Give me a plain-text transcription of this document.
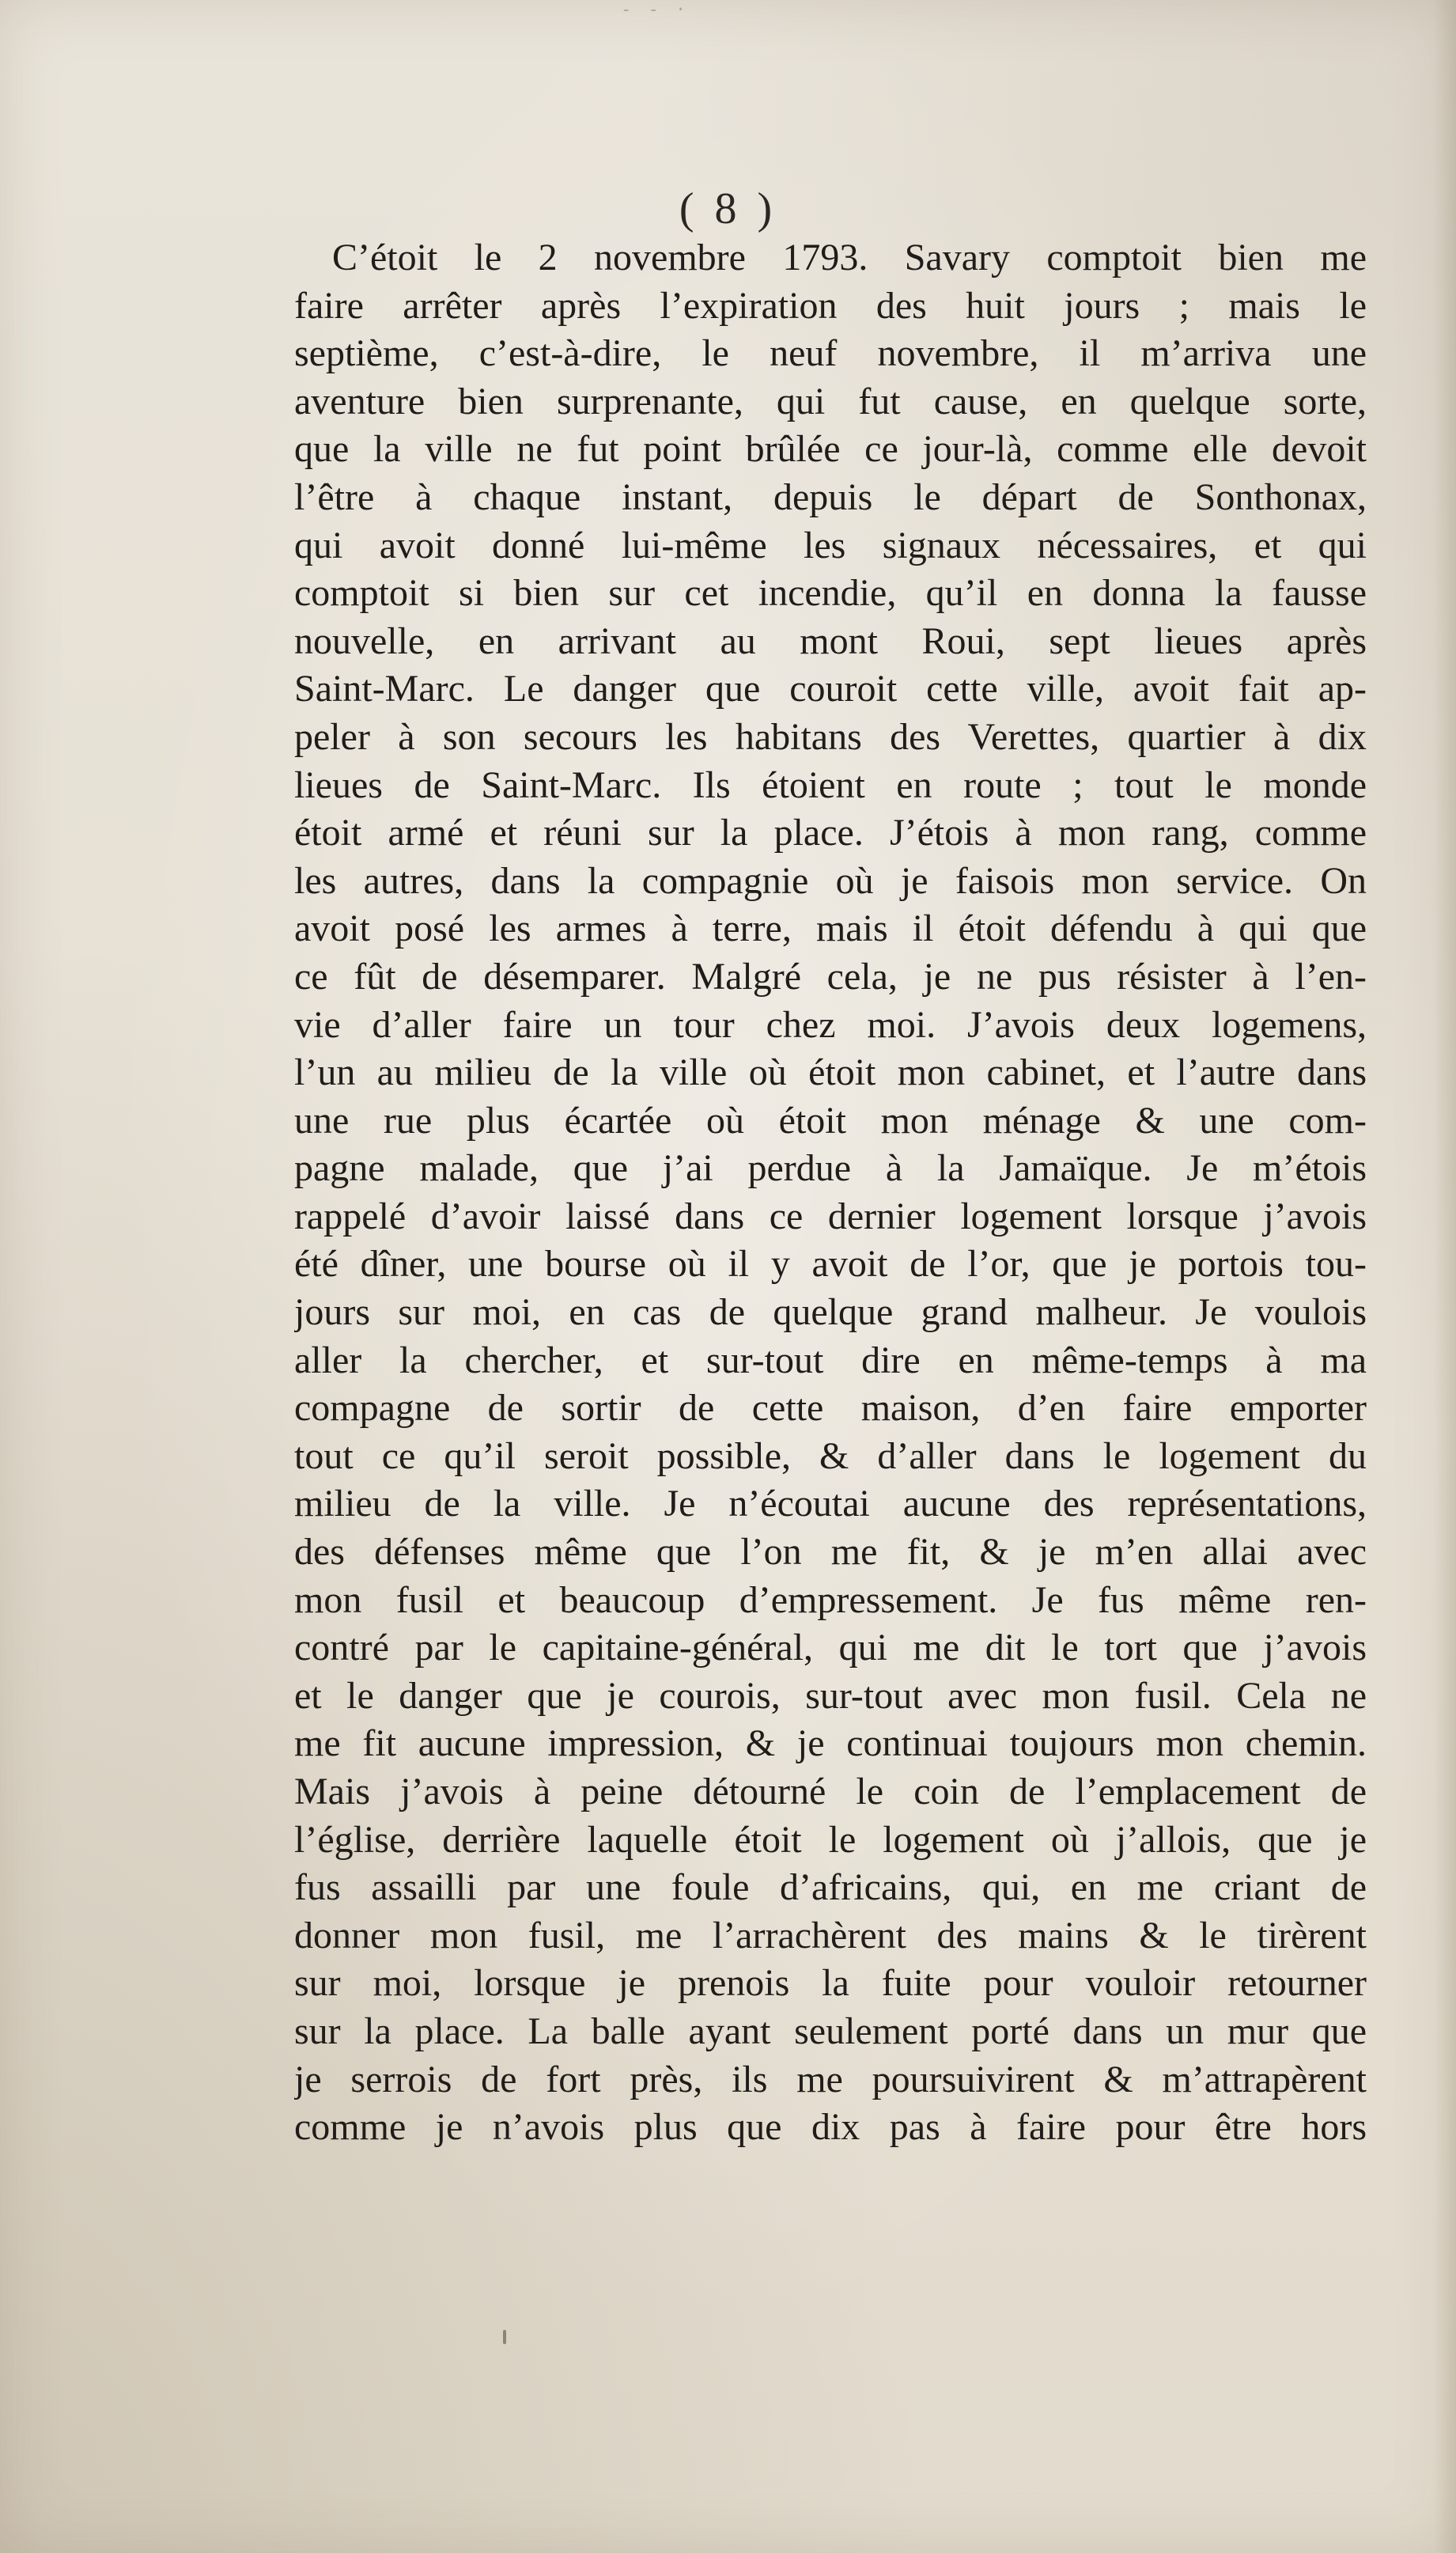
- - ·
( 8 )
C’étoit le 2 novembre 1793. Savary comptoit bien me
faire arrêter après l’expiration des huit jours ; mais le
septième, c’est-à-dire, le neuf novembre, il m’arriva une
aventure bien surprenante, qui fut cause, en quelque sorte,
que la ville ne fut point brûlée ce jour-là, comme elle devoit
l’être à chaque instant, depuis le départ de Sonthonax,
qui avoit donné lui-même les signaux nécessaires, et qui
comptoit si bien sur cet incendie, qu’il en donna la fausse
nouvelle, en arrivant au mont Roui, sept lieues après
Saint-Marc. Le danger que couroit cette ville, avoit fait ap-
peler à son secours les habitans des Verettes, quartier à dix
lieues de Saint-Marc. Ils étoient en route ; tout le monde
étoit armé et réuni sur la place. J’étois à mon rang, comme
les autres, dans la compagnie où je faisois mon service. On
avoit posé les armes à terre, mais il étoit défendu à qui que
ce fût de désemparer. Malgré cela, je ne pus résister à l’en-
vie d’aller faire un tour chez moi. J’avois deux logemens,
l’un au milieu de la ville où étoit mon cabinet, et l’autre dans
une rue plus écartée où étoit mon ménage & une com-
pagne malade, que j’ai perdue à la Jamaïque. Je m’étois
rappelé d’avoir laissé dans ce dernier logement lorsque j’avois
été dîner, une bourse où il y avoit de l’or, que je portois tou-
jours sur moi, en cas de quelque grand malheur. Je voulois
aller la chercher, et sur-tout dire en même-temps à ma
compagne de sortir de cette maison, d’en faire emporter
tout ce qu’il seroit possible, & d’aller dans le logement du
milieu de la ville. Je n’écoutai aucune des représentations,
des défenses même que l’on me fit, & je m’en allai avec
mon fusil et beaucoup d’empressement. Je fus même ren-
contré par le capitaine-général, qui me dit le tort que j’avois
et le danger que je courois, sur-tout avec mon fusil. Cela ne
me fit aucune impression, & je continuai toujours mon chemin.
Mais j’avois à peine détourné le coin de l’emplacement de
l’église, derrière laquelle étoit le logement où j’allois, que je
fus assailli par une foule d’africains, qui, en me criant de
donner mon fusil, me l’arrachèrent des mains & le tirèrent
sur moi, lorsque je prenois la fuite pour vouloir retourner
sur la place. La balle ayant seulement porté dans un mur que
je serrois de fort près, ils me poursuivirent & m’attrapèrent
comme je n’avois plus que dix pas à faire pour être hors
